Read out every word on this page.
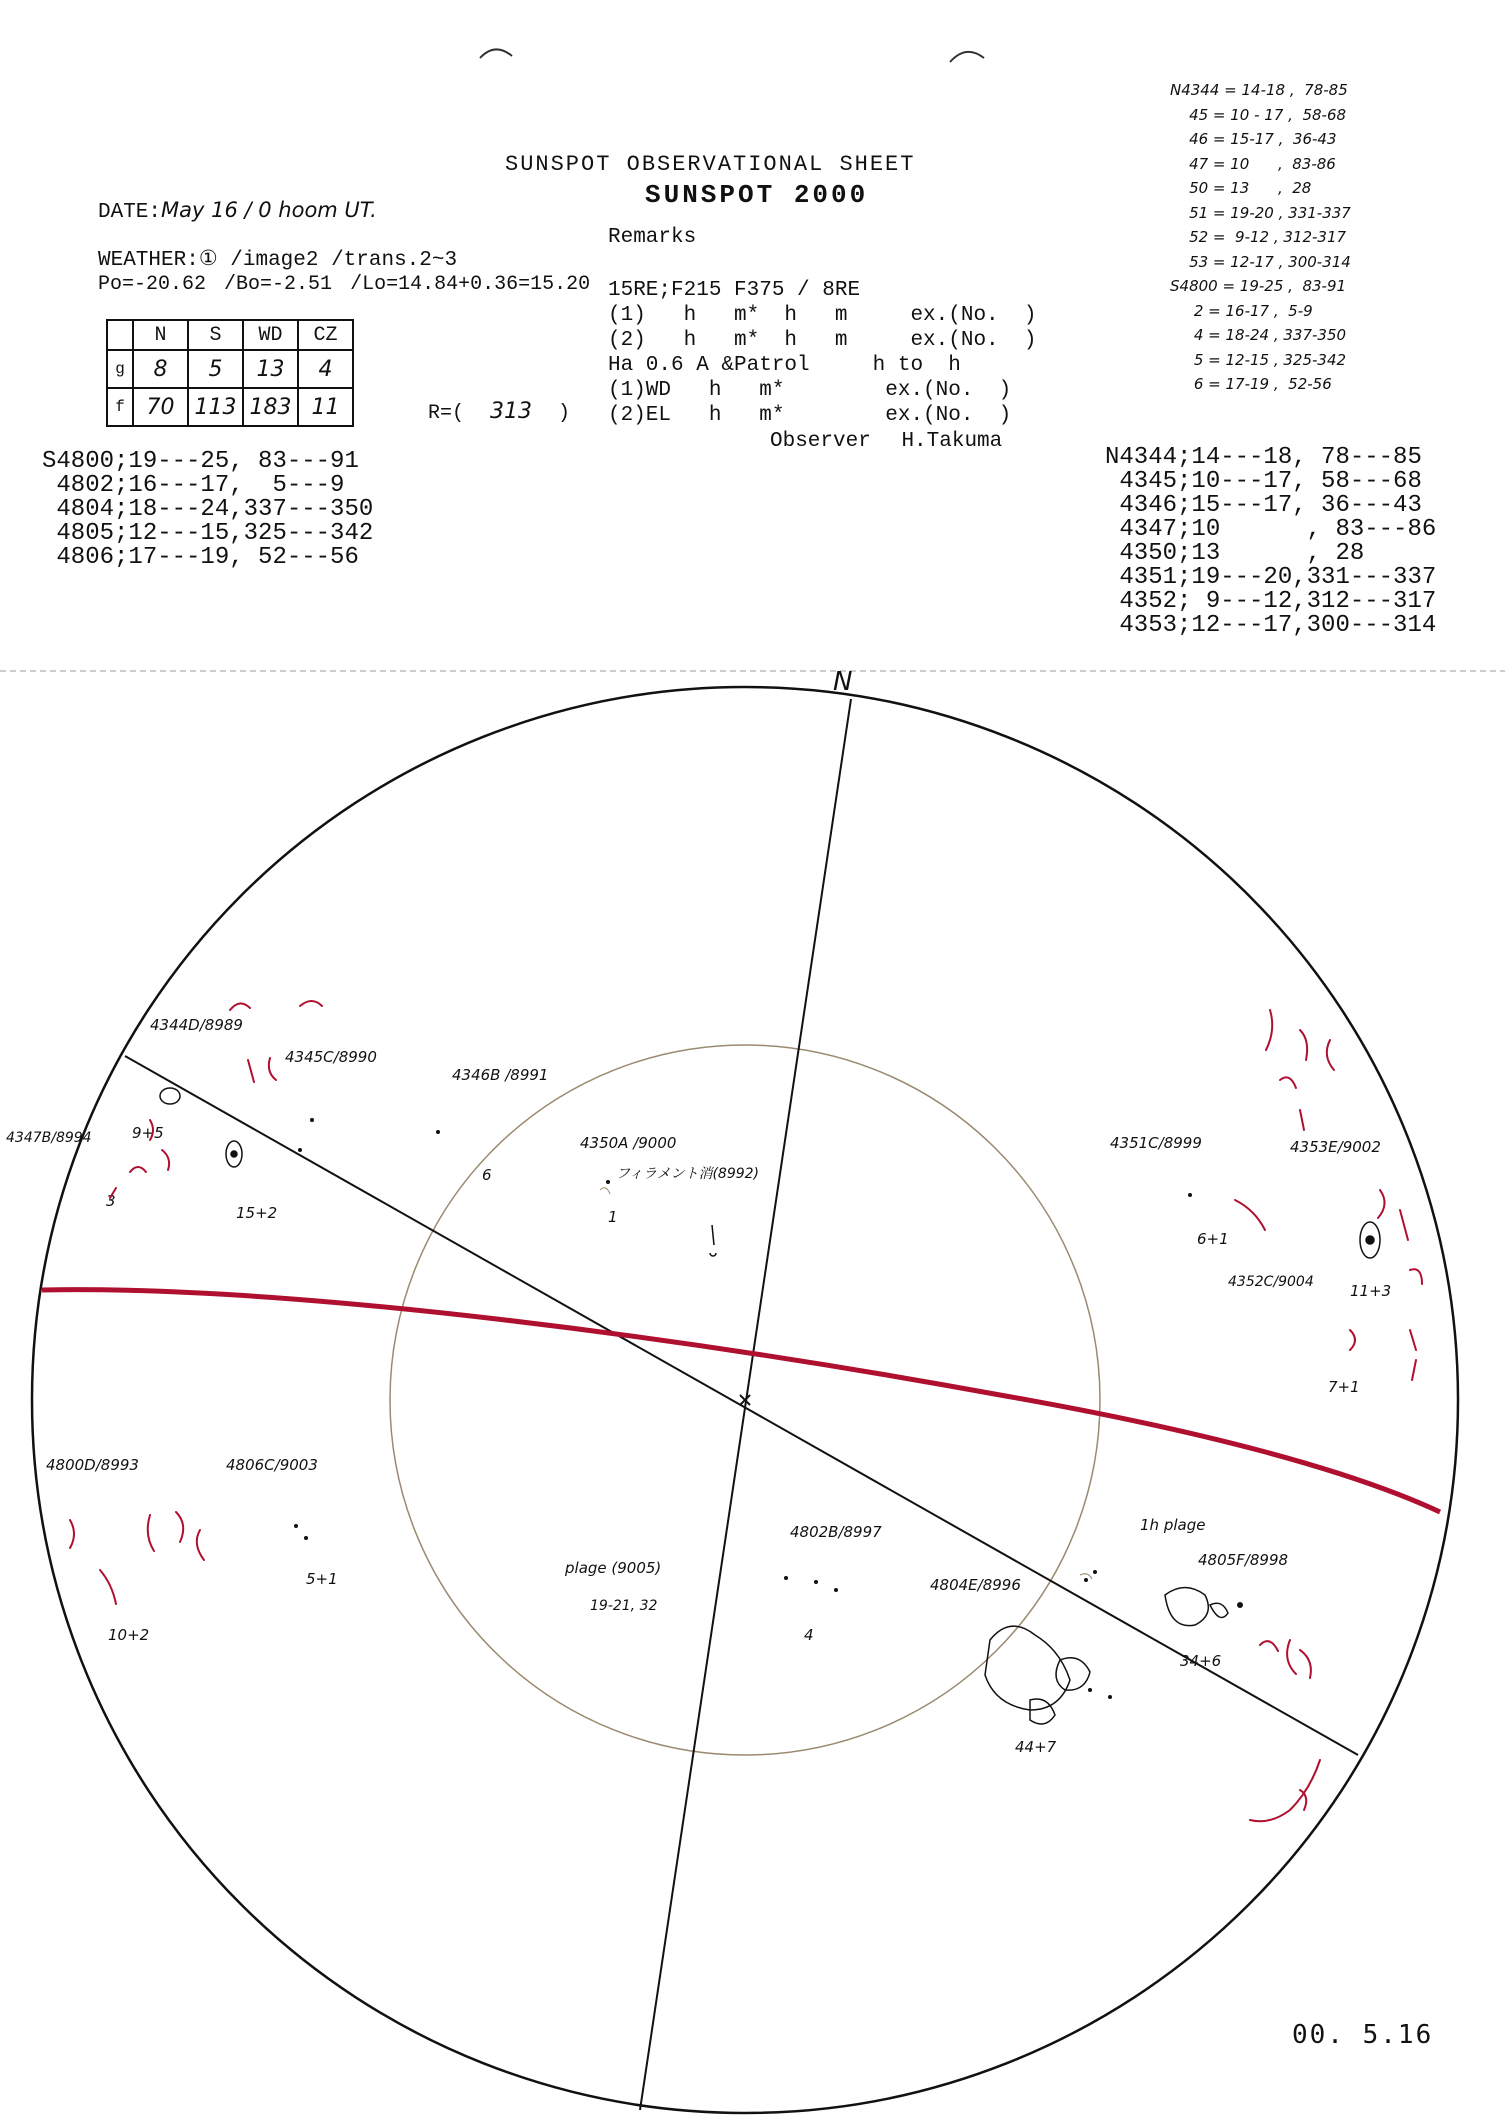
SUNSPOT OBSERVATIONAL SHEET
SUNSPOT 2000
Remarks
DATE:May 16 / 0 hoom UT.
WEATHER:① /image2 /trans.2~3
Po=-20.62 /Bo=-2.51 /Lo=14.84+0.36=15.20
	N	S	WD	CZ
g	8	5	13	4
f	70	113	183	11	R=( 313 )
15RE;F215 F375 / 8RE
(1)   h   m*  h   m     ex.(No.  )
(2)   h   m*  h   m     ex.(No.  )
Ha 0.6 A &Patrol     h to  h
(1)WD   h   m*        ex.(No.  )
(2)EL   h   m*        ex.(No.  )
Observer H.Takuma
N4344 = 14-18 ,  78-85
45 = 10 - 17 ,  58-68
46 = 15-17 ,  36-43
47 = 10      ,  83-86
50 = 13      ,  28
51 = 19-20 , 331-337
52 =  9-12 , 312-317
53 = 12-17 , 300-314
S4800 = 19-25 ,  83-91
2 = 16-17 ,  5-9
4 = 18-24 , 337-350
5 = 12-15 , 325-342
6 = 17-19 ,  52-56
S4800;19---25, 83---91
4802;16---17,  5---9
4804;18---24,337---350
4805;12---15,325---342
4806;17---19, 52---56
N4344;14---18, 78---85
4345;10---17, 58---68
4346;15---17, 36---43
4347;10      , 83---86
4350;13      , 28
4351;19---20,331---337
4352; 9---12,312---317
4353;12---17,300---314
N
4344D/8989
4345C/8990
4346B /8991
4347B/8994	4350A /9000
フィラメント消(8992)
4351C/8999	4353E/9002
4352C/9004
4800D/8993	4806C/9003
4802B/8997
4804E/8996
4805F/8998
1h plage
plage (9005)
19-21, 32
9+5
3
15+2
6
1
6+1
11+3
7+1
10+2
5+1
4
34+6
44+7
00. 5.16
